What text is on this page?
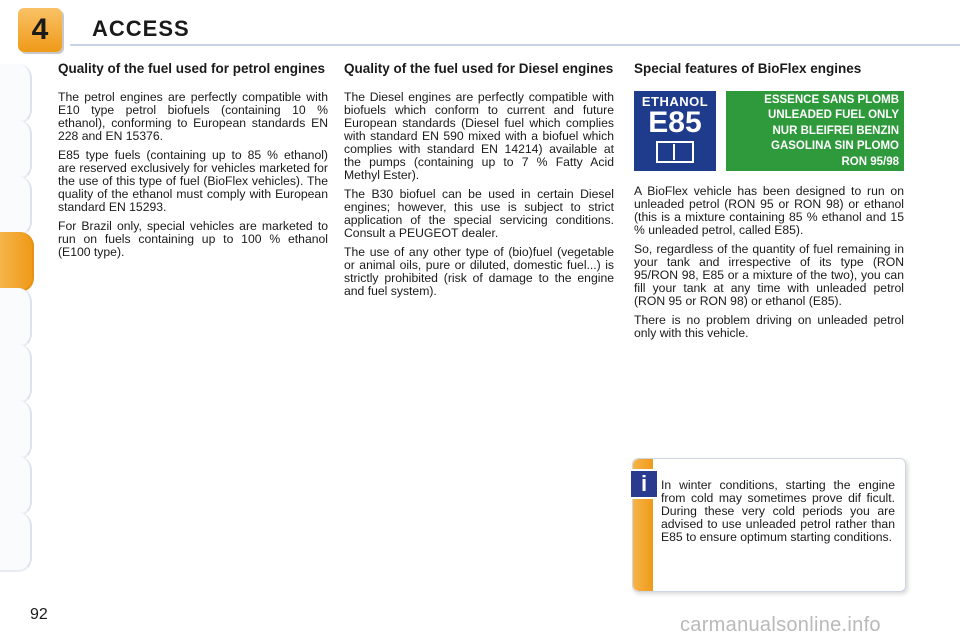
4	ACCESS
Quality of the fuel used for petrol engines

The petrol engines are perfectly compatible with E10 type petrol biofuels (containing 10 % ethanol), conforming to European standards EN 228 and EN 15376.

E85 type fuels (containing up to 85 % ethanol) are reserved exclusively for vehicles marketed for the use of this type of fuel (BioFlex vehicles). The quality of the ethanol must comply with European standard EN 15293.

For Brazil only, special vehicles are marketed to run on fuels containing up to 100 % ethanol (E100 type).

Quality of the fuel used for Diesel engines

The Diesel engines are perfectly compatible with biofuels which conform to current and future European standards (Diesel fuel which complies with standard EN 590 mixed with a biofuel which complies with standard EN 14214) available at the pumps (containing up to 7 % Fatty Acid Methyl Ester).

The B30 biofuel can be used in certain Diesel engines; however, this use is subject to strict application of the special servicing conditions. Consult a PEUGEOT dealer.

The use of any other type of (bio)fuel (vegetable or animal oils, pure or diluted, domestic fuel...) is strictly prohibited (risk of damage to the engine and fuel system).

Special features of BioFlex engines
ETHANOL
E85
ESSENCE SANS PLOMB
UNLEADED FUEL ONLY
NUR BLEIFREI BENZIN
GASOLINA SIN PLOMO
RON 95/98

A BioFlex vehicle has been designed to run on unleaded petrol (RON 95 or RON 98) or ethanol (this is a mixture containing 85 % ethanol and 15 % unleaded petrol, called E85).

So, regardless of the quantity of fuel remaining in your tank and irrespective of its type (RON 95/RON 98, E85 or a mixture of the two), you can fill your tank at any time with unleaded petrol (RON 95 or RON 98) or ethanol (E85).

There is no problem driving on unleaded petrol only with this vehicle.

i	In winter conditions, starting the engine from cold may sometimes prove dif ficult. During these very cold periods you are advised to use unleaded petrol rather than E85 to ensure optimum starting conditions.
92	carmanualsonline.info
